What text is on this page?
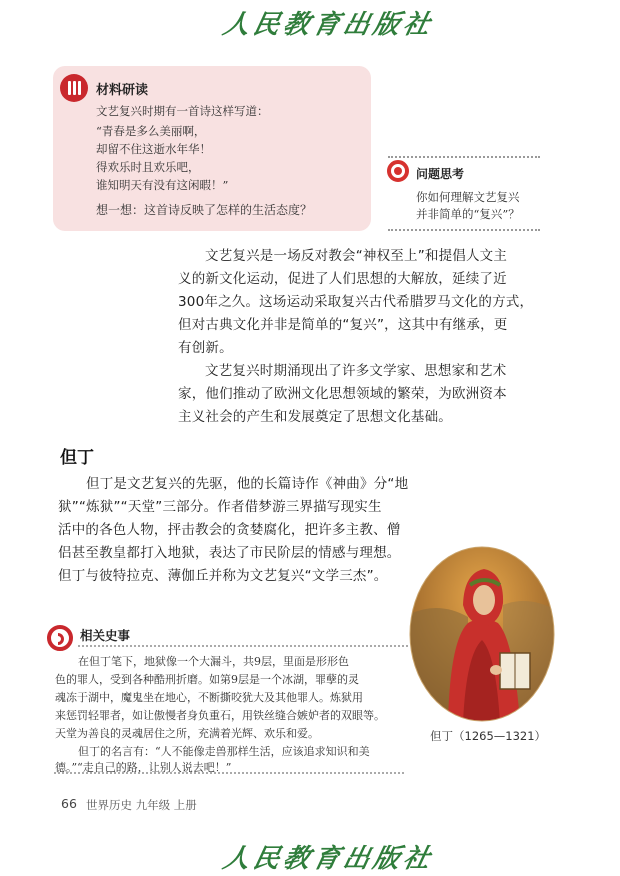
人民教育出版社
材料研读
文艺复兴时期有一首诗这样写道：
“青春是多么美丽啊，
却留不住这逝水年华！
得欢乐时且欢乐吧，
谁知明天有没有这闲暇！”
想一想：这首诗反映了怎样的生活态度？
问题思考
你如何理解文艺复兴
并非简单的“复兴”？
文艺复兴是一场反对教会“神权至上”和提倡人文主
义的新文化运动，促进了人们思想的大解放，延续了近
300年之久。这场运动采取复兴古代希腊罗马文化的方式，
但对古典文化并非是简单的“复兴”，这其中有继承，更
有创新。
文艺复兴时期涌现出了许多文学家、思想家和艺术
家，他们推动了欧洲文化思想领域的繁荣，为欧洲资本
主义社会的产生和发展奠定了思想文化基础。
但丁
但丁是文艺复兴的先驱，他的长篇诗作《神曲》分“地
狱”“炼狱”“天堂”三部分。作者借梦游三界描写现实生
活中的各色人物，抨击教会的贪婪腐化，把许多主教、僧
侣甚至教皇都打入地狱，表达了市民阶层的情感与理想。
但丁与彼特拉克、薄伽丘并称为文艺复兴“文学三杰”。
相关史事
在但丁笔下，地狱像一个大漏斗，共9层，里面是形形色
色的罪人，受到各种酷刑折磨。如第9层是一个冰湖，罪孽的灵
魂冻于湖中，魔鬼坐在地心，不断撕咬犹大及其他罪人。炼狱用
来惩罚轻罪者，如让傲慢者身负重石，用铁丝缝合嫉妒者的双眼等。
天堂为善良的灵魂居住之所，充满着光辉、欢乐和爱。
但丁的名言有：“人不能像走兽那样生活，应该追求知识和美
德。”“走自己的路，让别人说去吧！”
但丁（1265—1321）
66 世界历史 九年级 上册
人民教育出版社
